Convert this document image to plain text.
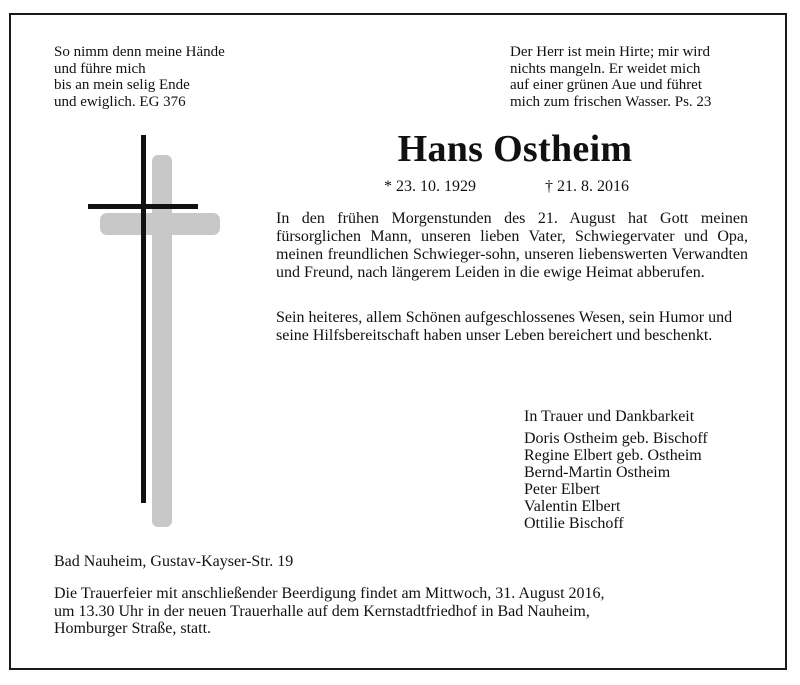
So nimm denn meine Hände
und führe mich
bis an mein selig Ende
und ewiglich. EG 376
Der Herr ist mein Hirte; mir wird
nichts mangeln. Er weidet mich
auf einer grünen Aue und führet
mich zum frischen Wasser. Ps. 23
Hans Ostheim
* 23. 10. 1929	† 21. 8. 2016
In den frühen Morgenstunden des 21. August hat Gott meinen fürsorglichen Mann, unseren lieben Vater, Schwiegervater und Opa, meinen freundlichen Schwieger-sohn, unseren liebenswerten Verwandten und Freund, nach längerem Leiden in die ewige Heimat abberufen.
Sein heiteres, allem Schönen aufgeschlossenes Wesen, sein Humor und seine Hilfsbereitschaft haben unser Leben bereichert und beschenkt.
In Trauer und Dankbarkeit
Doris Ostheim geb. Bischoff
Regine Elbert geb. Ostheim
Bernd-Martin Ostheim
Peter Elbert
Valentin Elbert
Ottilie Bischoff
Bad Nauheim, Gustav-Kayser-Str. 19
Die Trauerfeier mit anschließender Beerdigung findet am Mittwoch, 31. August 2016,
um 13.30 Uhr in der neuen Trauerhalle auf dem Kernstadtfriedhof in Bad Nauheim,
Homburger Straße, statt.
